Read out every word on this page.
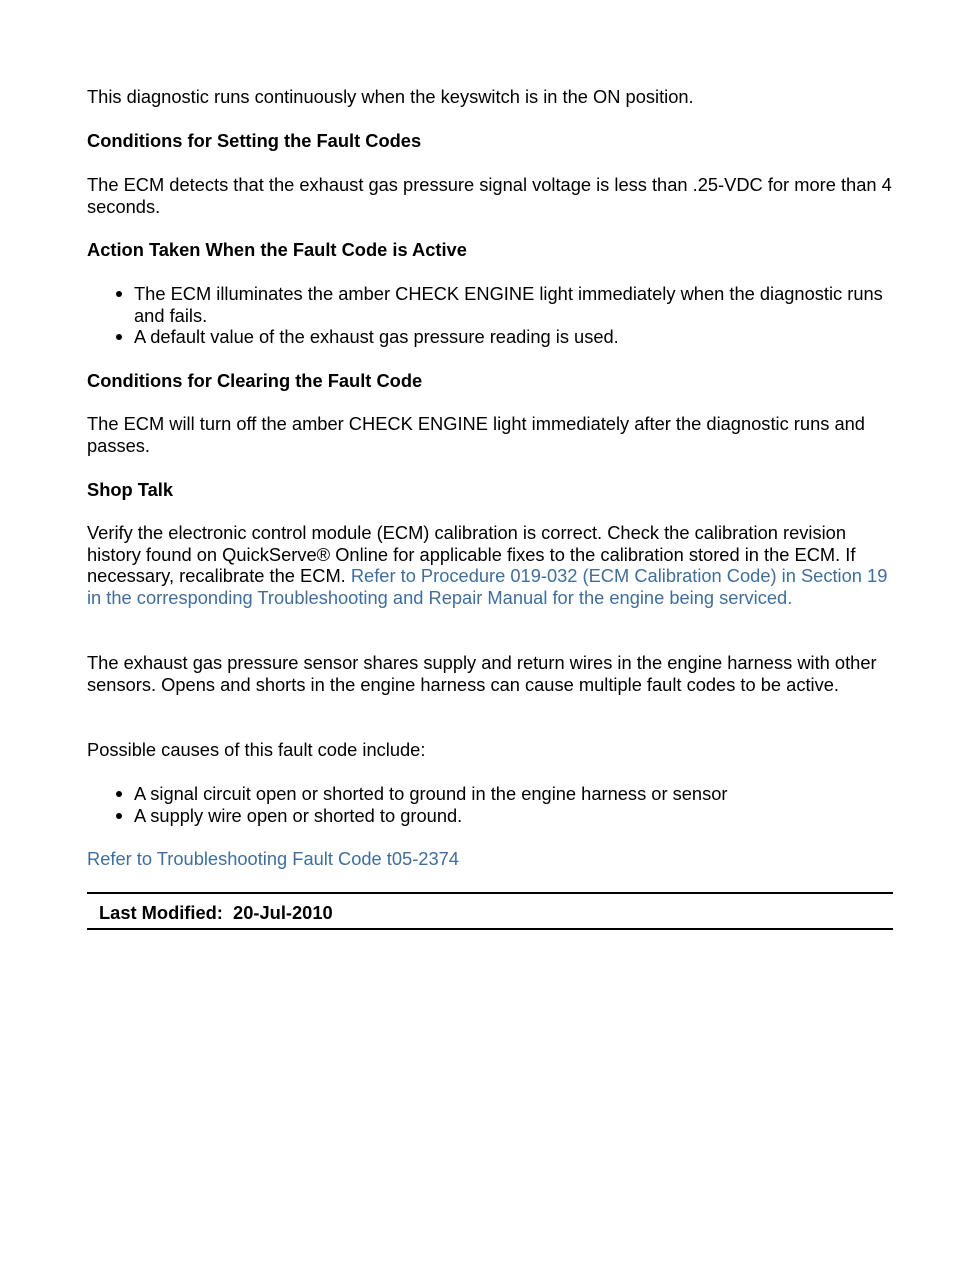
This diagnostic runs continuously when the keyswitch is in the ON position.

Conditions for Setting the Fault Codes

The ECM detects that the exhaust gas pressure signal voltage is less than .25-VDC for more than 4 seconds.

Action Taken When the Fault Code is Active

The ECM illuminates the amber CHECK ENGINE light immediately when the diagnostic runs and fails.
A default value of the exhaust gas pressure reading is used.

Conditions for Clearing the Fault Code

The ECM will turn off the amber CHECK ENGINE light immediately after the diagnostic runs and passes.

Shop Talk

Verify the electronic control module (ECM) calibration is correct. Check the calibration revision history found on QuickServe® Online for applicable fixes to the calibration stored in the ECM. If necessary, recalibrate the ECM. Refer to Procedure 019-032 (ECM Calibration Code) in Section 19 in the corresponding Troubleshooting and Repair Manual for the engine being serviced.

The exhaust gas pressure sensor shares supply and return wires in the engine harness with other sensors. Opens and shorts in the engine harness can cause multiple fault codes to be active.

Possible causes of this fault code include:

A signal circuit open or shorted to ground in the engine harness or sensor
A supply wire open or shorted to ground.

Refer to Troubleshooting Fault Code t05-2374

Last Modified:  20-Jul-2010
